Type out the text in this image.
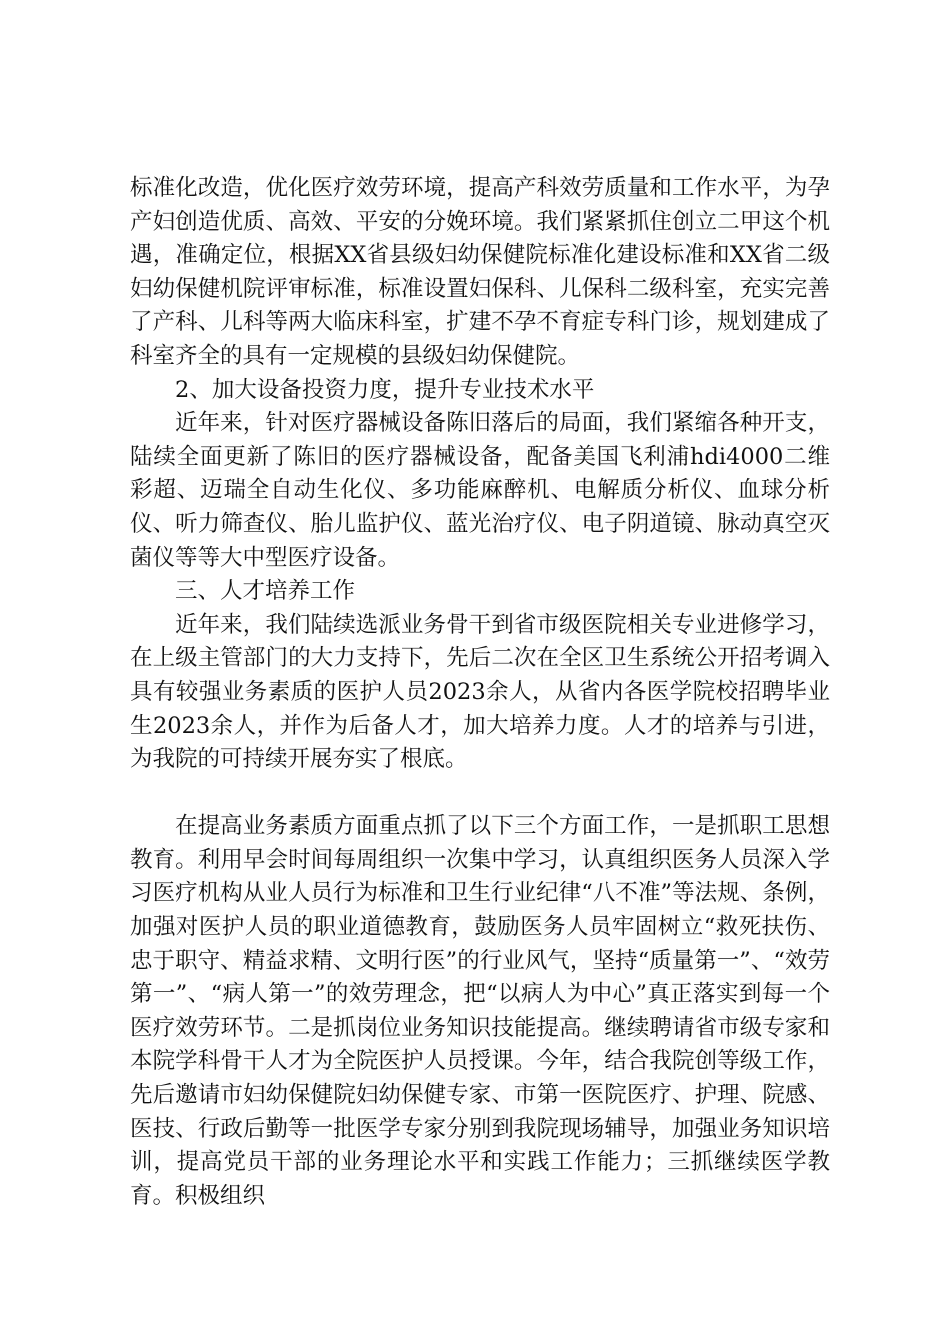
标准化改造，优化医疗效劳环境，提高产科效劳质量和工作水平，为孕产妇创造优质、高效、平安的分娩环境。我们紧紧抓住创立二甲这个机遇，准确定位，根据XX省县级妇幼保健院标准化建设标准和XX省二级妇幼保健机院评审标准，标准设置妇保科、儿保科二级科室，充实完善了产科、儿科等两大临床科室，扩建不孕不育症专科门诊，规划建成了科室齐全的具有一定规模的县级妇幼保健院。

2、加大设备投资力度，提升专业技术水平

近年来，针对医疗器械设备陈旧落后的局面，我们紧缩各种开支，陆续全面更新了陈旧的医疗器械设备，配备美国飞利浦hdi4000二维彩超、迈瑞全自动生化仪、多功能麻醉机、电解质分析仪、血球分析仪、听力筛查仪、胎儿监护仪、蓝光治疗仪、电子阴道镜、脉动真空灭菌仪等等大中型医疗设备。

三、人才培养工作

近年来，我们陆续选派业务骨干到省市级医院相关专业进修学习，在上级主管部门的大力支持下，先后二次在全区卫生系统公开招考调入具有较强业务素质的医护人员2023余人，从省内各医学院校招聘毕业生2023余人，并作为后备人才，加大培养力度。人才的培养与引进，为我院的可持续开展夯实了根底。

在提高业务素质方面重点抓了以下三个方面工作，一是抓职工思想教育。利用早会时间每周组织一次集中学习，认真组织医务人员深入学习医疗机构从业人员行为标准和卫生行业纪律“八不准”等法规、条例，加强对医护人员的职业道德教育，鼓励医务人员牢固树立“救死扶伤、忠于职守、精益求精、文明行医”的行业风气，坚持“质量第一”、“效劳第一”、“病人第一”的效劳理念，把“以病人为中心”真正落实到每一个医疗效劳环节。二是抓岗位业务知识技能提高。继续聘请省市级专家和本院学科骨干人才为全院医护人员授课。今年，结合我院创等级工作，先后邀请市妇幼保健院妇幼保健专家、市第一医院医疗、护理、院感、医技、行政后勤等一批医学专家分别到我院现场辅导，加强业务知识培训，提高党员干部的业务理论水平和实践工作能力；三抓继续医学教育。积极组织
